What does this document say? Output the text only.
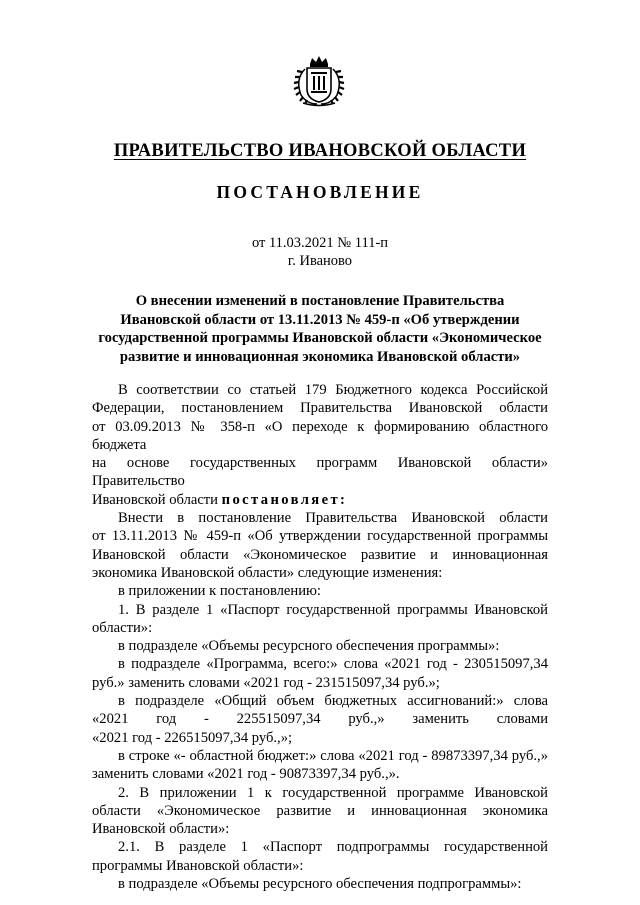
ПРАВИТЕЛЬСТВО ИВАНОВСКОЙ ОБЛАСТИ
ПОСТАНОВЛЕНИЕ
от 11.03.2021 № 111-п
г. Иваново
О внесении изменений в постановление Правительства
Ивановской области от 13.11.2013 № 459-п «Об утверждении
государственной программы Ивановской области «Экономическое
развитие и инновационная экономика Ивановской области»

В соответствии со статьей 179 Бюджетного кодекса Российской

Федерации, постановлением Правительства Ивановской области

от 03.09.2013 № 358-п «О переходе к формированию областного бюджета

на основе государственных программ Ивановской области» Правительство

Ивановской области постановляет:

Внести в постановление Правительства Ивановской области

от 13.11.2013 № 459-п «Об утверждении государственной программы

Ивановской области «Экономическое развитие и инновационная

экономика Ивановской области» следующие изменения:

в приложении к постановлению:

1. В разделе 1 «Паспорт государственной программы Ивановской

области»:

в подразделе «Объемы ресурсного обеспечения программы»:

в подразделе «Программа, всего:» слова «2021 год - 230515097,34

руб.» заменить словами «2021 год - 231515097,34 руб.»;

в подразделе «Общий объем бюджетных ассигнований:» слова

«2021 год - 225515097,34 руб.,» заменить словами

«2021 год - 226515097,34 руб.,»;

в строке «- областной бюджет:» слова «2021 год - 89873397,34 руб.,»

заменить словами «2021 год - 90873397,34 руб.,».

2. В приложении 1 к государственной программе Ивановской

области «Экономическое развитие и инновационная экономика

Ивановской области»:

2.1. В разделе 1 «Паспорт подпрограммы государственной

программы Ивановской области»:

в подразделе «Объемы ресурсного обеспечения подпрограммы»:
